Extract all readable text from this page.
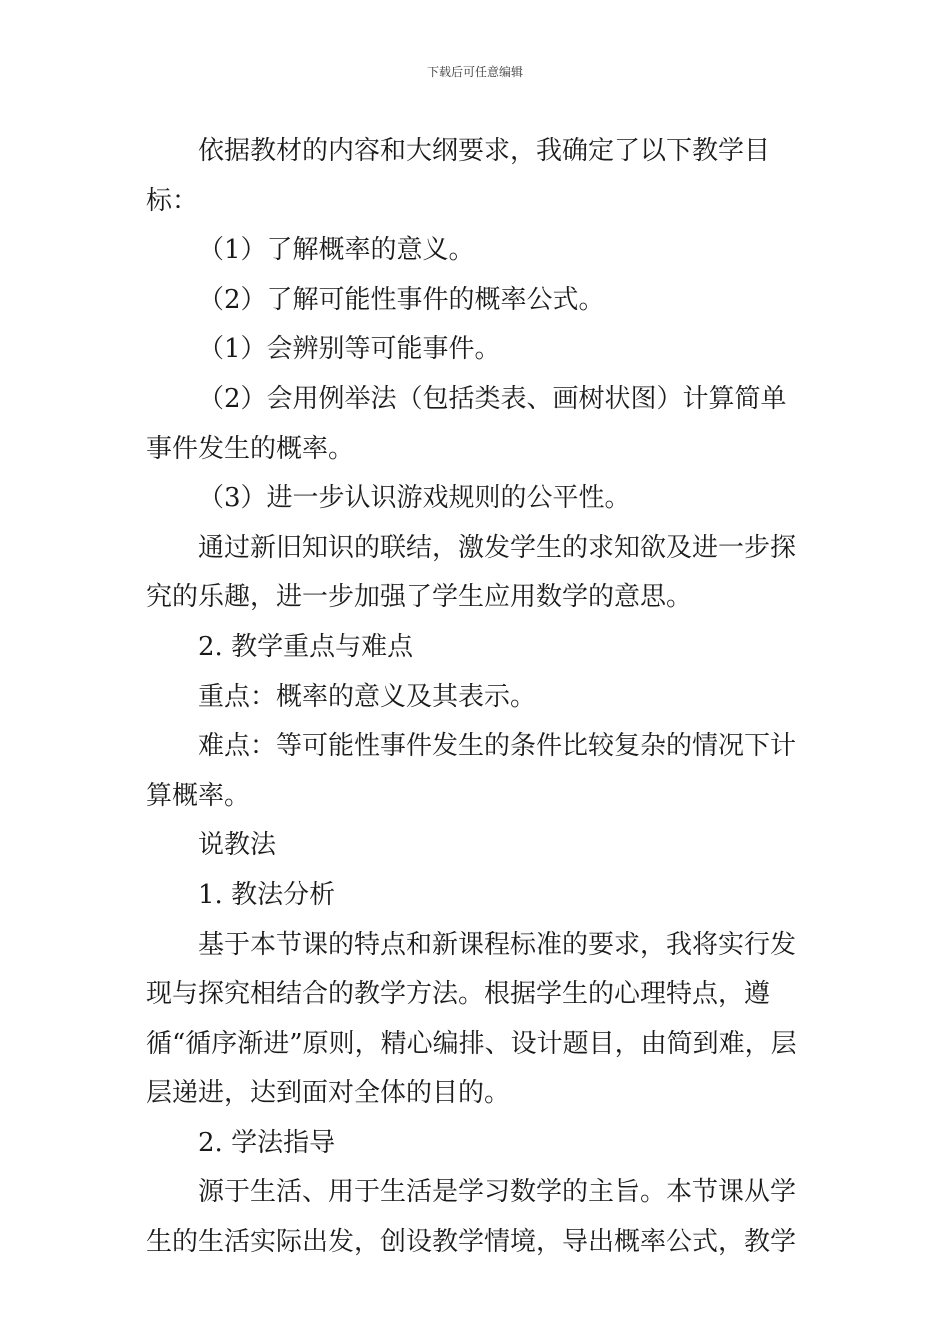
下载后可任意编辑

依据教材的内容和大纲要求，我确定了以下教学目标：

（1）了解概率的意义。

（2）了解可能性事件的概率公式。

（1）会辨别等可能事件。

（2）会用例举法（包括类表、画树状图）计算简单事件发生的概率。

（3）进一步认识游戏规则的公平性。

通过新旧知识的联结，激发学生的求知欲及进一步探究的乐趣，进一步加强了学生应用数学的意思。

2. 教学重点与难点

重点：概率的意义及其表示。

难点：等可能性事件发生的条件比较复杂的情况下计算概率。

说教法

1. 教法分析

基于本节课的特点和新课程标准的要求，我将实行发现与探究相结合的教学方法。根据学生的心理特点，遵循“循序渐进”原则，精心编排、设计题目，由简到难，层层递进，达到面对全体的目的。

2. 学法指导

源于生活、用于生活是学习数学的主旨。本节课从学生的生活实际出发，创设教学情境，导出概率公式，教学
